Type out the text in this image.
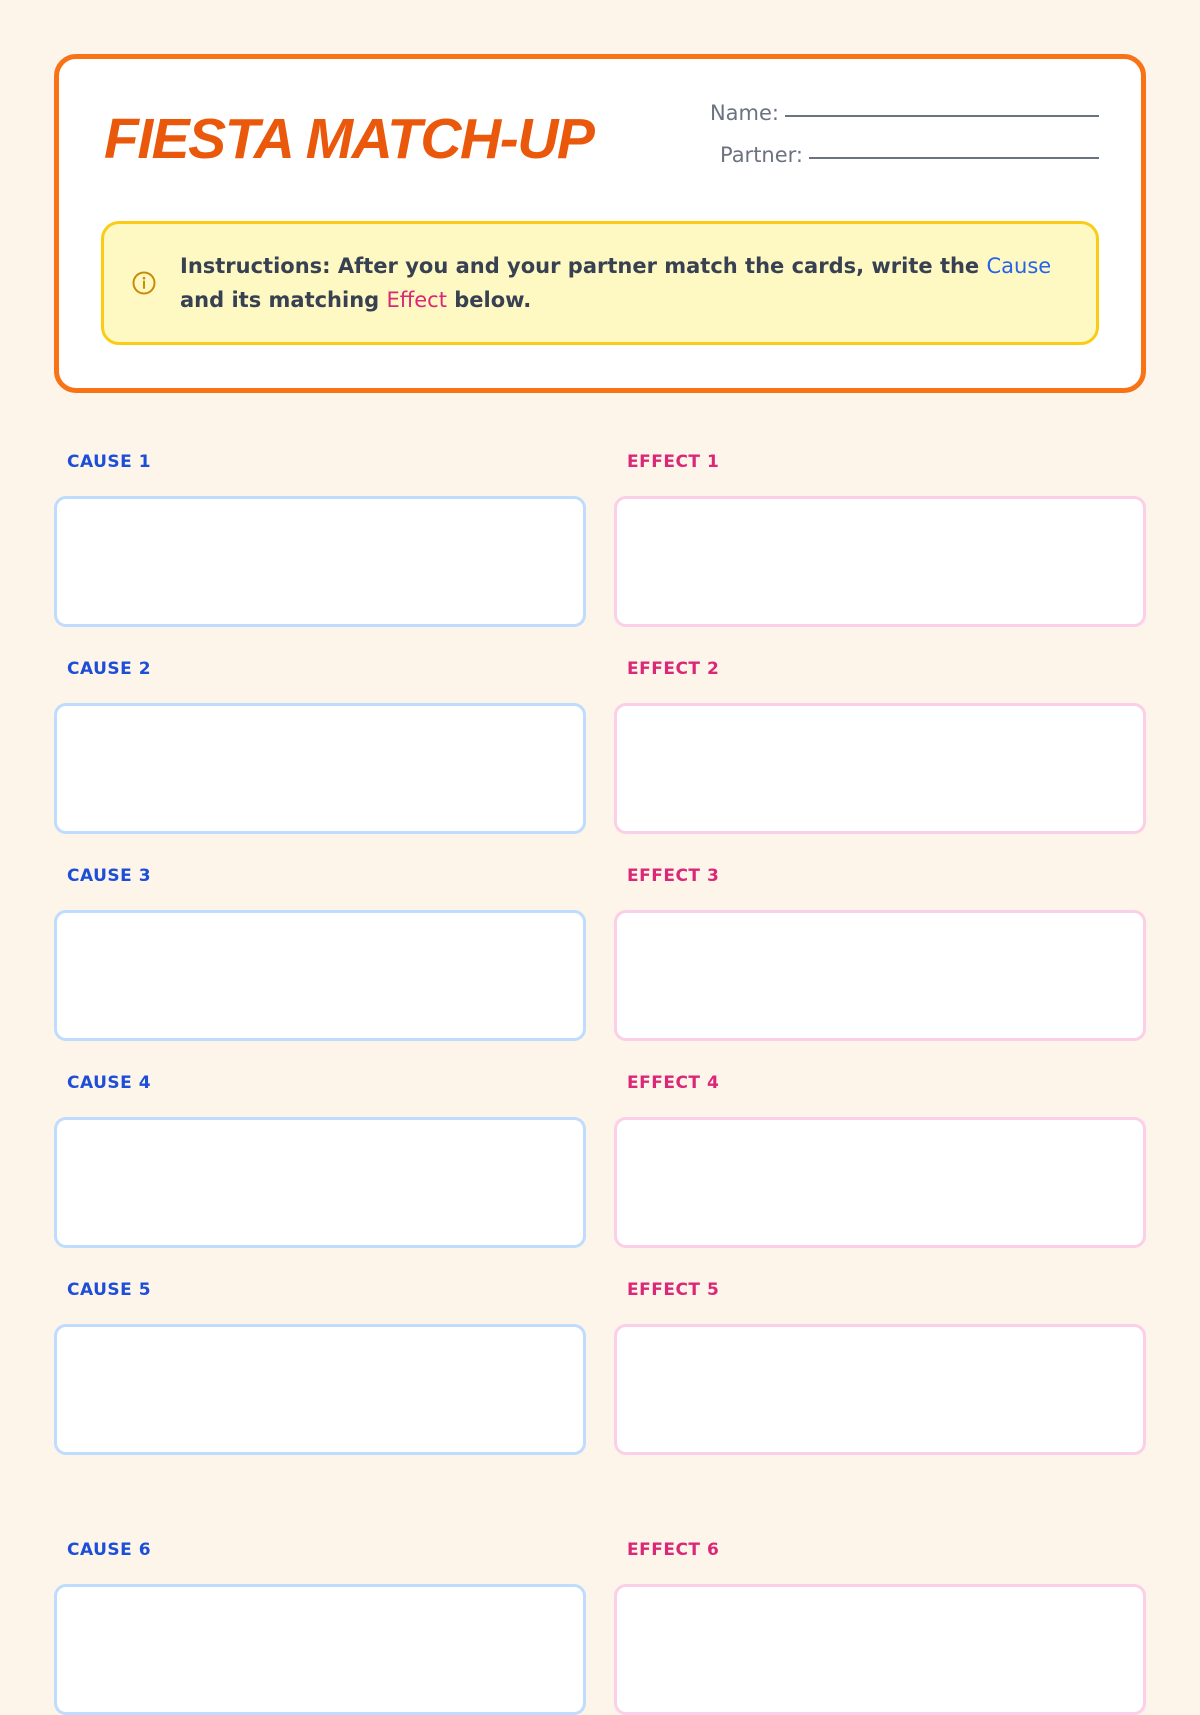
FIESTA MATCH-UP	Name:
Partner:
Instructions: After you and your partner match the cards, write the Cause and its matching Effect below.
CAUSE 1	EFFECT 1
CAUSE 2	EFFECT 2
CAUSE 3	EFFECT 3
CAUSE 4	EFFECT 4
CAUSE 5	EFFECT 5
CAUSE 6	EFFECT 6
